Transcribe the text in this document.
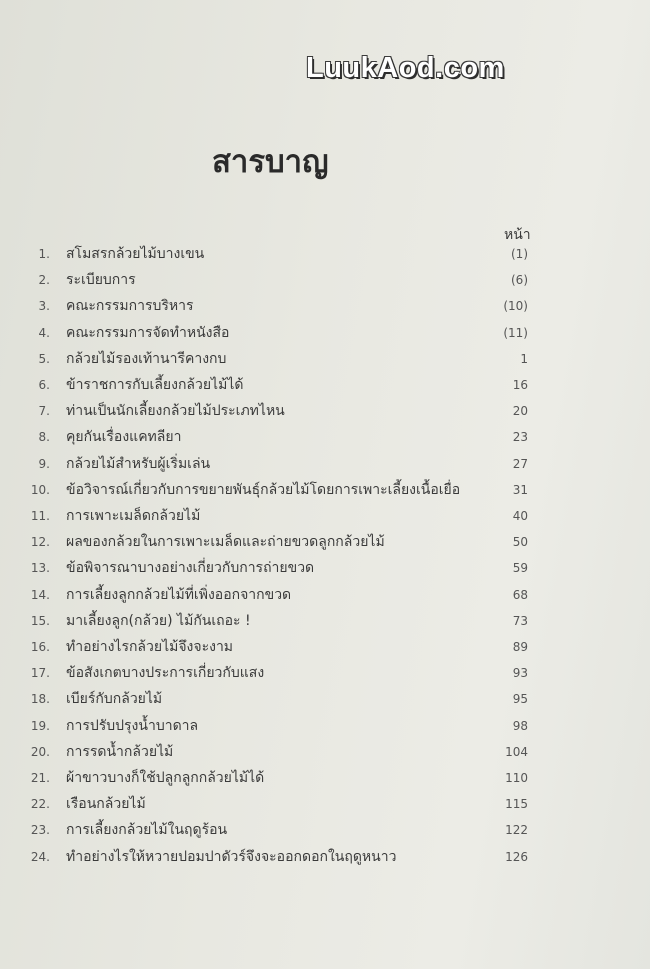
LuukAod.com
สารบาญ
หน้า
1. สโมสรกล้วยไม้บางเขน	(1)
2. ระเบียบการ	(6)
3. คณะกรรมการบริหาร	(10)
4. คณะกรรมการจัดทำหนังสือ	(11)
5. กล้วยไม้รองเท้านารีคางกบ	1
6. ข้าราชการกับเลี้ยงกล้วยไม้ได้	16
7. ท่านเป็นนักเลี้ยงกล้วยไม้ประเภทไหน	20
8. คุยกันเรื่องแคทลียา	23
9. กล้วยไม้สำหรับผู้เริ่มเล่น	27
10. ข้อวิจารณ์เกี่ยวกับการขยายพันธุ์กล้วยไม้โดยการเพาะเลี้ยงเนื้อเยื่อ	31
11. การเพาะเมล็ดกล้วยไม้	40
12. ผลของกล้วยในการเพาะเมล็ดและถ่ายขวดลูกกล้วยไม้	50
13. ข้อพิจารณาบางอย่างเกี่ยวกับการถ่ายขวด	59
14. การเลี้ยงลูกกล้วยไม้ที่เพิ่งออกจากขวด	68
15. มาเลี้ยงลูก(กล้วย) ไม้กันเถอะ !	73
16. ทำอย่างไรกล้วยไม้จึงจะงาม	89
17. ข้อสังเกตบางประการเกี่ยวกับแสง	93
18. เบียร์กับกล้วยไม้	95
19. การปรับปรุงน้ำบาดาล	98
20. การรดน้ำกล้วยไม้	104
21. ผ้าขาวบางก็ใช้ปลูกลูกกล้วยไม้ได้	110
22. เรือนกล้วยไม้	115
23. การเลี้ยงกล้วยไม้ในฤดูร้อน	122
24. ทำอย่างไรให้หวายปอมปาดัวร์จึงจะออกดอกในฤดูหนาว	126
